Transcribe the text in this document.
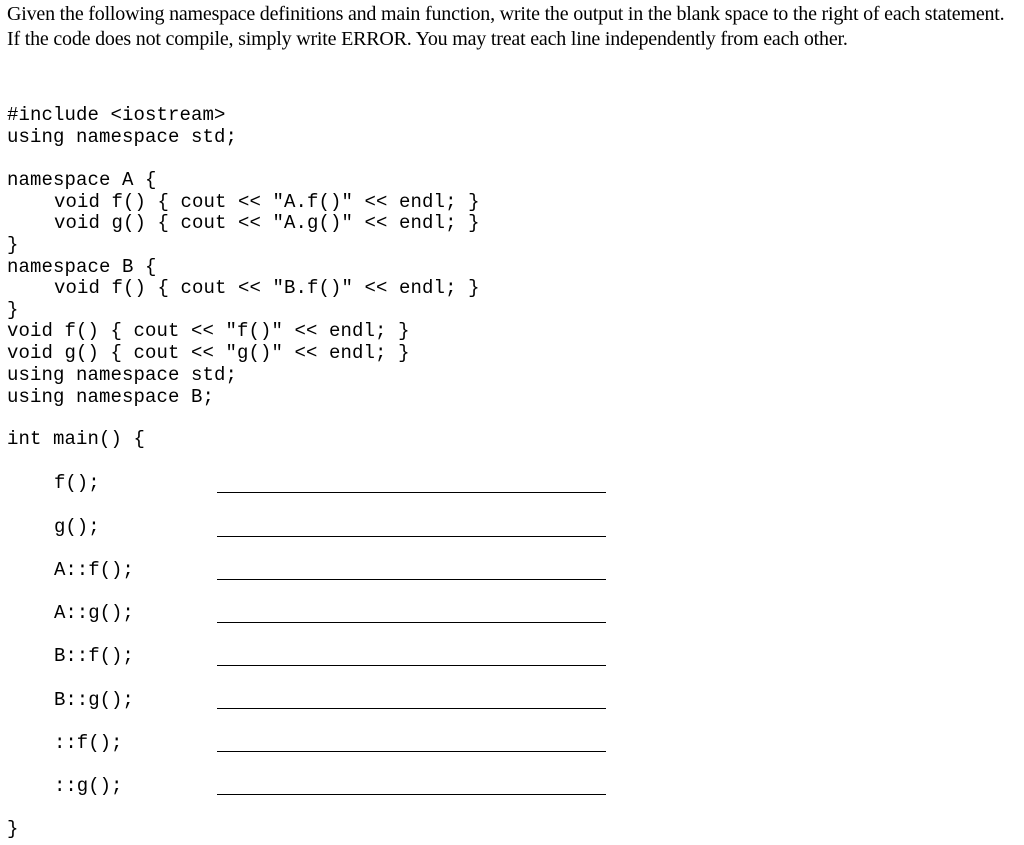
Given the following namespace definitions and main function, write the output in the blank space to the right of each statement. If the code does not compile, simply write ERROR. You may treat each line independently from each other.

#include <iostream>

using namespace std;

namespace A {

void f() { cout << "A.f()" << endl; }

void g() { cout << "A.g()" << endl; }

}

namespace B {

void f() { cout << "B.f()" << endl; }

}

void f() { cout << "f()" << endl; }

void g() { cout << "g()" << endl; }

using namespace std;

using namespace B;

int main() {

f();

g();

A::f();

A::g();

B::f();

B::g();

::f();

::g();

}
